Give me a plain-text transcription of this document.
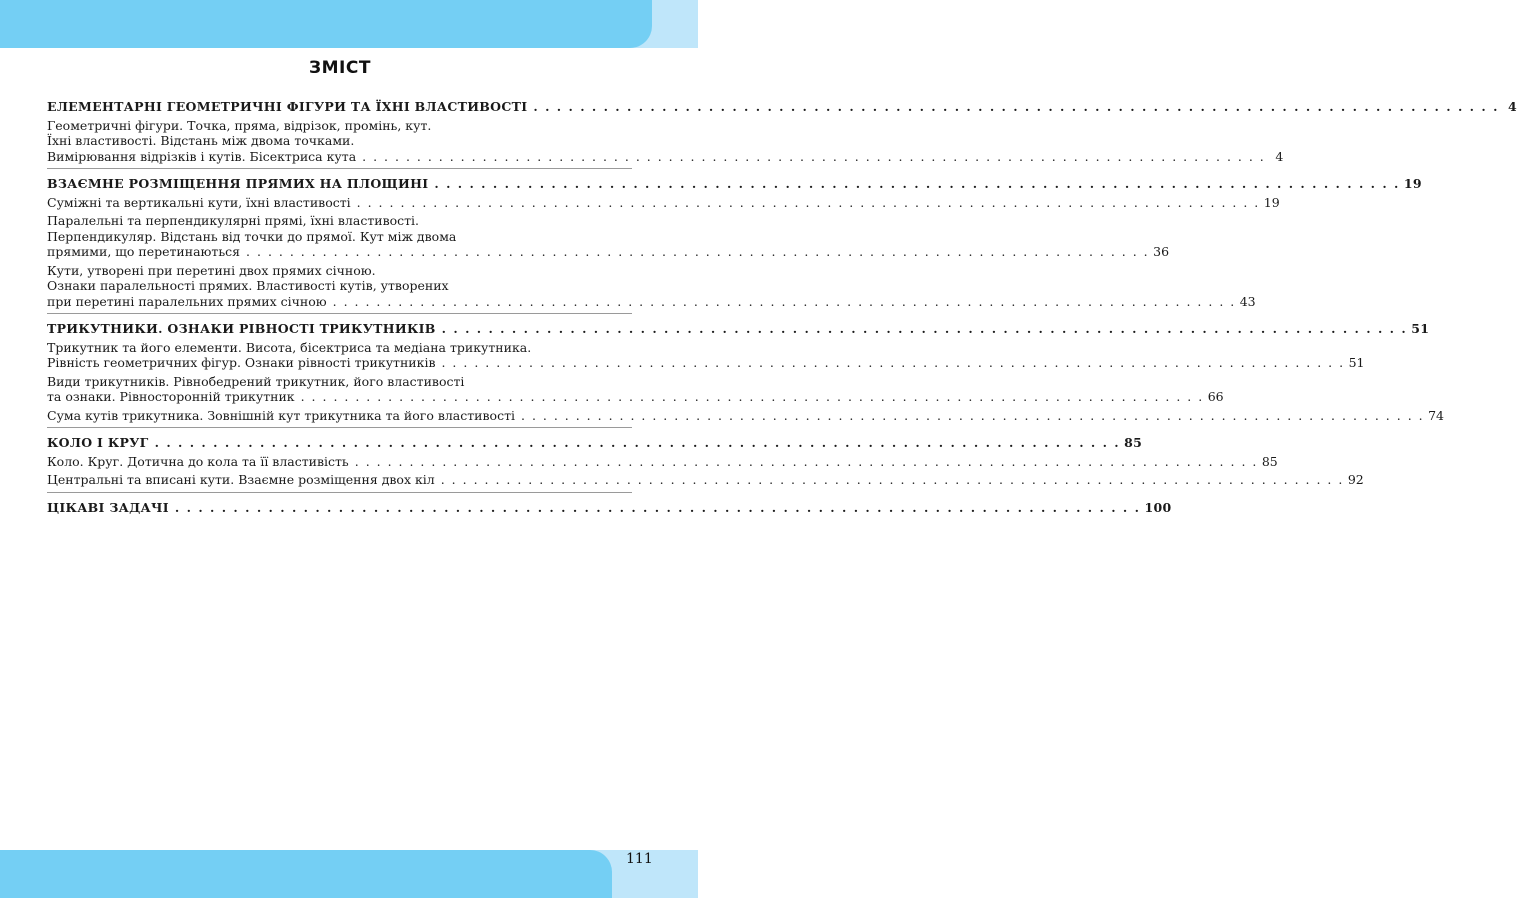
ЗМІСТ
ЕЛЕМЕНТАРНІ ГЕОМЕТРИЧНІ ФІГУРИ ТА ЇХНІ ВЛАСТИВОСТІ . . . . . . . . . . . . . . . . . . . . . . . . . . . . . . . . . . . . . . . . . . . . . . . . . . . . . . . . . . . . . . . . . . . . . . . . . . . . . . . . . . . 4
Геометричні фігури. Точка, пряма, відрізок, промінь, кут.
Їхні властивості. Відстань між двома точками.
Вимірювання відрізків і кутів. Бісектриса кута . . . . . . . . . . . . . . . . . . . . . . . . . . . . . . . . . . . . . . . . . . . . . . . . . . . . . . . . . . . . . . . . . . . . . . . . . . . . . . . . . . . 4
ВЗАЄМНЕ РОЗМІЩЕННЯ ПРЯМИХ НА ПЛОЩИНІ . . . . . . . . . . . . . . . . . . . . . . . . . . . . . . . . . . . . . . . . . . . . . . . . . . . . . . . . . . . . . . . . . . . . . . . . . . . . . . . . . . . 19
Суміжні та вертикальні кути, їхні властивості . . . . . . . . . . . . . . . . . . . . . . . . . . . . . . . . . . . . . . . . . . . . . . . . . . . . . . . . . . . . . . . . . . . . . . . . . . . . . . . . . . . 19
Паралельні та перпендикулярні прямі, їхні властивості.
Перпендикуляр. Відстань від точки до прямої. Кут між двома
прямими, що перетинаються . . . . . . . . . . . . . . . . . . . . . . . . . . . . . . . . . . . . . . . . . . . . . . . . . . . . . . . . . . . . . . . . . . . . . . . . . . . . . . . . . . . 36
Кути, утворені при перетині двох прямих січною.
Ознаки паралельності прямих. Властивості кутів, утворених
при перетині паралельних прямих січною . . . . . . . . . . . . . . . . . . . . . . . . . . . . . . . . . . . . . . . . . . . . . . . . . . . . . . . . . . . . . . . . . . . . . . . . . . . . . . . . . . . 43
ТРИКУТНИКИ. ОЗНАКИ РІВНОСТІ ТРИКУТНИКІВ . . . . . . . . . . . . . . . . . . . . . . . . . . . . . . . . . . . . . . . . . . . . . . . . . . . . . . . . . . . . . . . . . . . . . . . . . . . . . . . . . . . 51
Трикутник та його елементи. Висота, бісектриса та медіана трикутника.
Рівність геометричних фігур. Ознаки рівності трикутників . . . . . . . . . . . . . . . . . . . . . . . . . . . . . . . . . . . . . . . . . . . . . . . . . . . . . . . . . . . . . . . . . . . . . . . . . . . . . . . . . . . 51
Види трикутників. Рівнобедрений трикутник, його властивості
та ознаки. Рівносторонній трикутник . . . . . . . . . . . . . . . . . . . . . . . . . . . . . . . . . . . . . . . . . . . . . . . . . . . . . . . . . . . . . . . . . . . . . . . . . . . . . . . . . . . 66
Сума кутів трикутника. Зовнішній кут трикутника та його властивості . . . . . . . . . . . . . . . . . . . . . . . . . . . . . . . . . . . . . . . . . . . . . . . . . . . . . . . . . . . . . . . . . . . . . . . . . . . . . . . . . . . 74
КОЛО І КРУГ . . . . . . . . . . . . . . . . . . . . . . . . . . . . . . . . . . . . . . . . . . . . . . . . . . . . . . . . . . . . . . . . . . . . . . . . . . . . . . . . . . . 85
Коло. Круг. Дотична до кола та її властивість . . . . . . . . . . . . . . . . . . . . . . . . . . . . . . . . . . . . . . . . . . . . . . . . . . . . . . . . . . . . . . . . . . . . . . . . . . . . . . . . . . . 85
Центральні та вписані кути. Взаємне розміщення двох кіл . . . . . . . . . . . . . . . . . . . . . . . . . . . . . . . . . . . . . . . . . . . . . . . . . . . . . . . . . . . . . . . . . . . . . . . . . . . . . . . . . . . 92
ЦІКАВІ ЗАДАЧІ . . . . . . . . . . . . . . . . . . . . . . . . . . . . . . . . . . . . . . . . . . . . . . . . . . . . . . . . . . . . . . . . . . . . . . . . . . . . . . . . . . . 100
111
